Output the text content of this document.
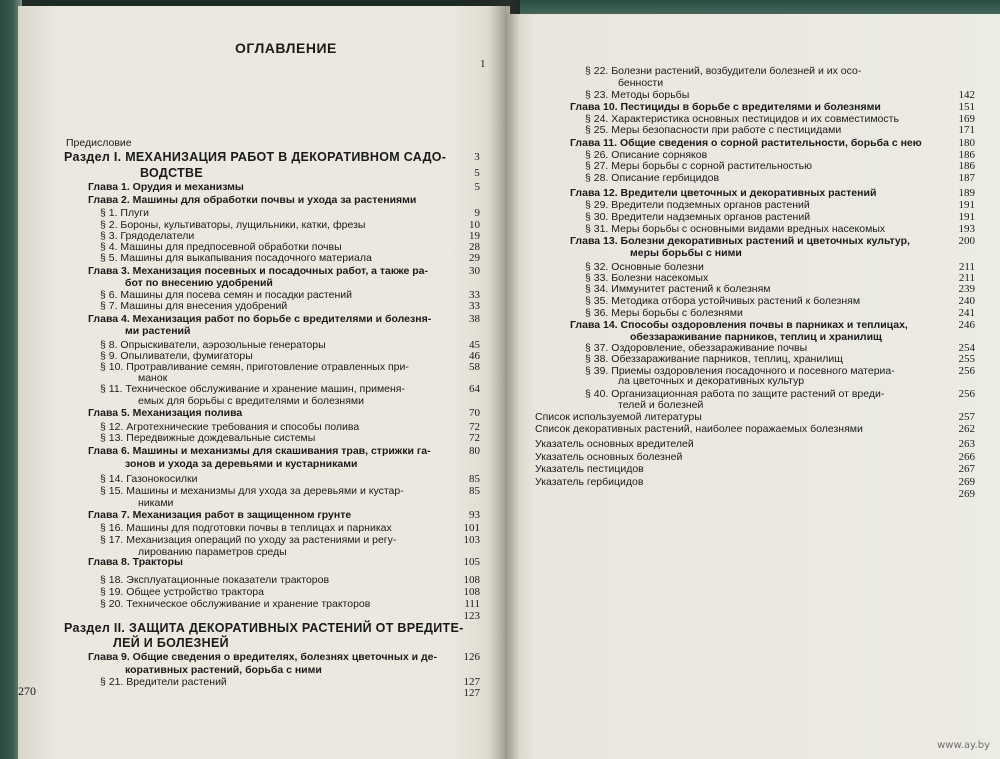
ОГЛАВЛЕНИЕ
1
Предисловие
Раздел I. МЕХАНИЗАЦИЯ РАБОТ В ДЕКОРАТИВНОМ САДО-	3
ВОДСТВЕ	5
Глава 1. Орудия и механизмы	5
Глава 2. Машины для обработки почвы и ухода за растениями
§ 1. Плуги	9
§ 2. Бороны, культиваторы, лущильники, катки, фрезы	10
§ 3. Грядоделатели	19
§ 4. Машины для предпосевной обработки почвы	28
§ 5. Машины для выкапывания посадочного материала	29
Глава 3. Механизация посевных и посадочных работ, а также ра-	30
бот по внесению удобрений
§ 6. Машины для посева семян и посадки растений	33
§ 7. Машины для внесения удобрений	33
Глава 4. Механизация работ по борьбе с вредителями и болезня-	38
ми растений
§ 8. Опрыскиватели, аэрозольные генераторы	45
§ 9. Опыливатели, фумигаторы	46
§ 10. Протравливание семян, приготовление отравленных при-	58
манок
§ 11. Техническое обслуживание и хранение машин, применя-	64
емых для борьбы с вредителями и болезнями
Глава 5. Механизация полива	70
§ 12. Агротехнические требования и способы полива	72
§ 13. Передвижные дождевальные системы	72
Глава 6. Машины и механизмы для скашивания трав, стрижки га-	80
зонов и ухода за деревьями и кустарниками
§ 14. Газонокосилки	85
§ 15. Машины и механизмы для ухода за деревьями и кустар-	85
никами
Глава 7. Механизация работ в защищенном грунте	93
§ 16. Машины для подготовки почвы в теплицах и парниках	101
§ 17. Механизация операций по уходу за растениями и регу-	103
лированию параметров среды
Глава 8. Тракторы	105
§ 18. Эксплуатационные показатели тракторов	108
§ 19. Общее устройство трактора	108
§ 20. Техническое обслуживание и хранение тракторов	111
123
Раздел II. ЗАЩИТА ДЕКОРАТИВНЫХ РАСТЕНИЙ ОТ ВРЕДИТЕ-
ЛЕЙ И БОЛЕЗНЕЙ
Глава 9. Общие сведения о вредителях, болезнях цветочных и де- 126
коративных растений, борьба с ними
§ 21. Вредители растений	127
127
§ 22. Болезни растений, возбудители болезней и их осо-
бенности
§ 23. Методы борьбы	142
Глава 10. Пестициды в борьбе с вредителями и болезнями	151
§ 24. Характеристика основных пестицидов и их совместимость	169
§ 25. Меры безопасности при работе с пестицидами	171
Глава 11. Общие сведения о сорной растительности, борьба с нею	180
§ 26. Описание сорняков	186
§ 27. Меры борьбы с сорной растительностью	186
§ 28. Описание гербицидов	187
Глава 12. Вредители цветочных и декоративных растений	189
§ 29. Вредители подземных органов растений	191
§ 30. Вредители надземных органов растений	191
§ 31. Меры борьбы с основными видами вредных насекомых	193
Глава 13. Болезни декоративных растений и цветочных культур,	200
меры борьбы с ними
§ 32. Основные болезни	211
§ 33. Болезни насекомых	211
§ 34. Иммунитет растений к болезням	239
§ 35. Методика отбора устойчивых растений к болезням	240
§ 36. Меры борьбы с болезнями	241
Глава 14. Способы оздоровления почвы в парниках и теплицах,	246
обеззараживание парников, теплиц и хранилищ
§ 37. Оздоровление, обеззараживание почвы	254
§ 38. Обеззараживание парников, теплиц, хранилищ	255
§ 39. Приемы оздоровления посадочного и посевного материа-	256
ла цветочных и декоративных культур
§ 40. Организационная работа по защите растений от вреди-	256
телей и болезней
Список используемой литературы	257
Список декоративных растений, наиболее поражаемых болезнями	262
Указатель основных вредителей	263
Указатель основных болезней	266
Указатель пестицидов	267
Указатель гербицидов	269
269
270
www.ay.by
